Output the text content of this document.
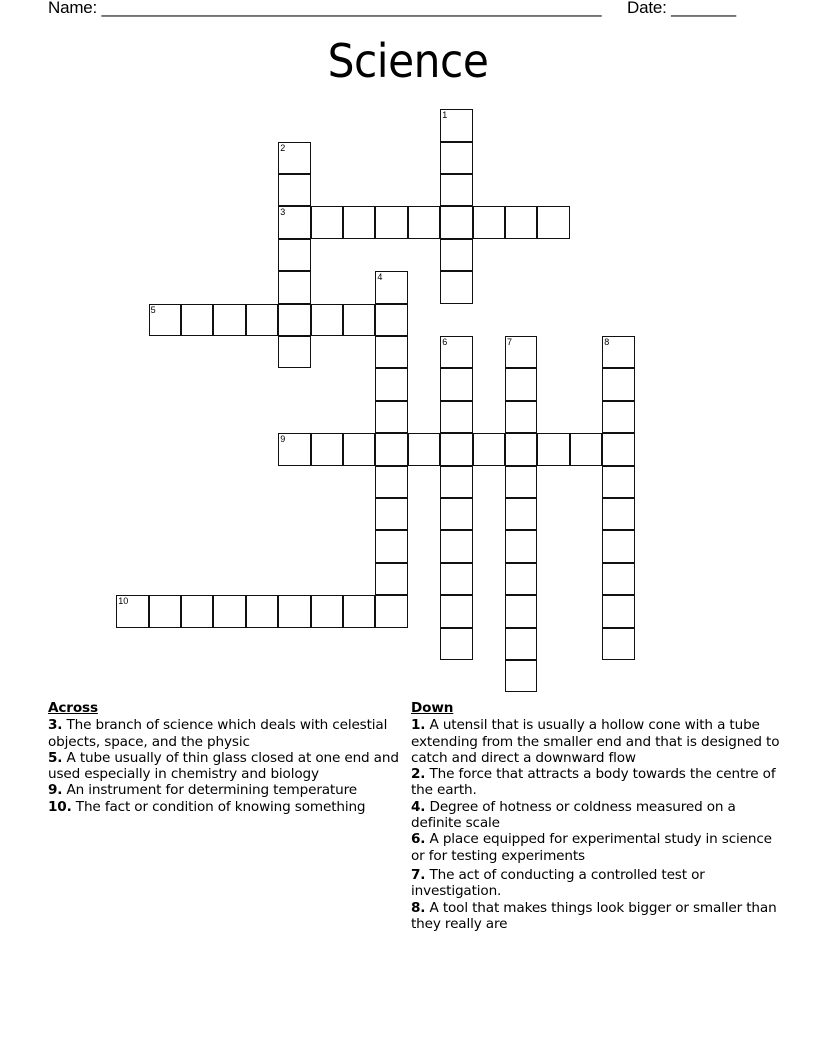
Name: ______________________________________________________ Date: _______
Science
1
2
3
4
5
6	7	8
9
10
Across
3. The branch of science which deals with celestial objects, space, and the physic
5. A tube usually of thin glass closed at one end and used especially in chemistry and biology
9. An instrument for determining temperature
10. The fact or condition of knowing something
Down
1. A utensil that is usually a hollow cone with a tube extending from the smaller end and that is designed to catch and direct a downward flow
2. The force that attracts a body towards the centre of the earth.
4. Degree of hotness or coldness measured on a definite scale
6. A place equipped for experimental study in science or for testing experiments
7. The act of conducting a controlled test or investigation.
8. A tool that makes things look bigger or smaller than they really are
